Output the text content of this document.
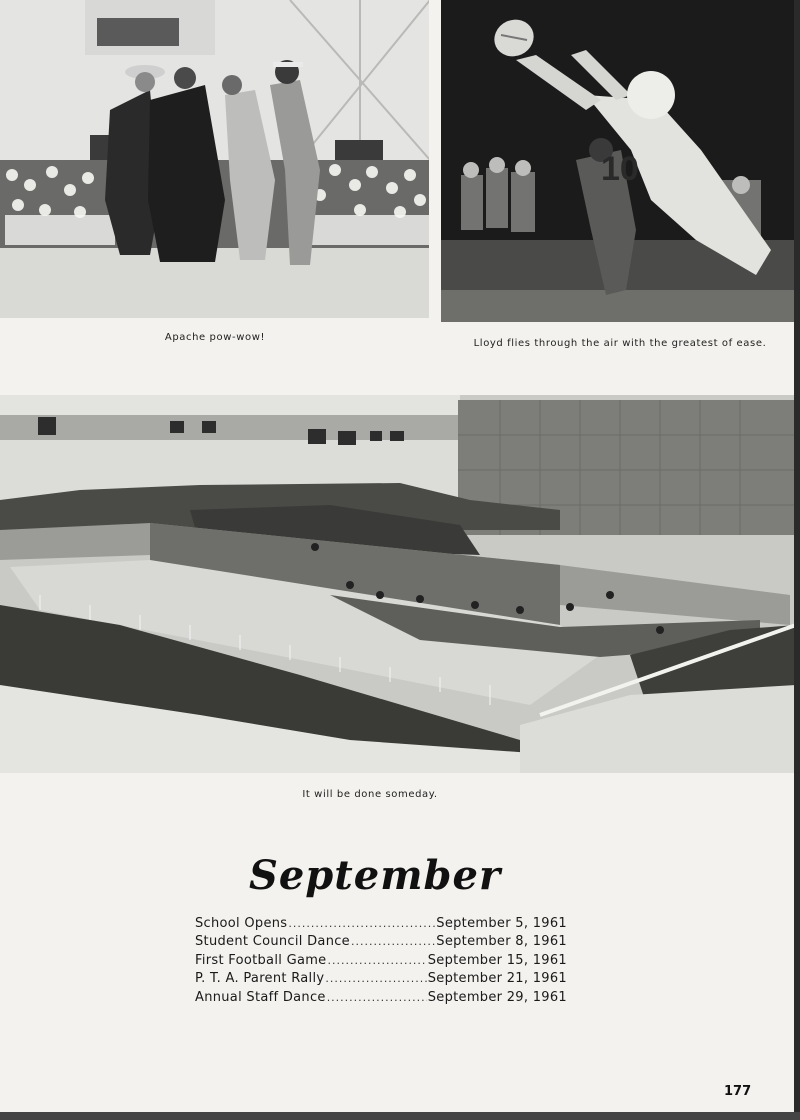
Apache pow-wow!
10
Lloyd flies through the air with the greatest of ease.
It will be done someday.
September
School Opens .....	September 5, 1961
Student Council Dance .....	September 8, 1961
First Football Game .....	September 15, 1961
P. T. A. Parent Rally .....	September 21, 1961
Annual Staff Dance .....	September 29, 1961
177
